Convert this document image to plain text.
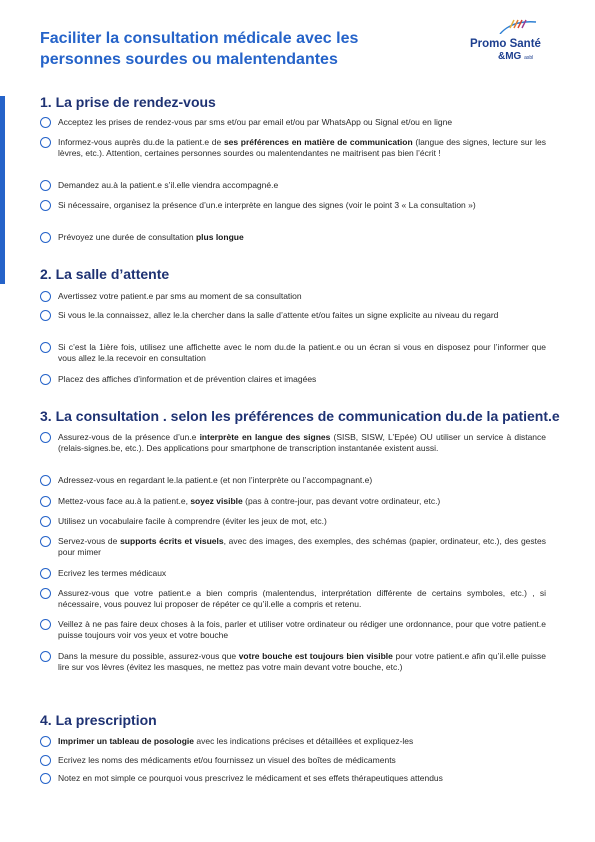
Faciliter la consultation médicale avec les personnes sourdes ou malentendantes
Promo Santé
&MG asbl
1. La prise de rendez-vous
Acceptez les prises de rendez-vous par sms et/ou par email et/ou par WhatsApp ou Signal et/ou en ligne
Informez-vous auprès du.de la patient.e de ses préférences en matière de communication (langue des signes, lecture sur les lèvres, etc.). Attention, certaines personnes sourdes ou malentendantes ne maitrisent pas bien l’écrit !
Demandez au.à la patient.e s’il.elle viendra accompagné.e
Si nécessaire, organisez la présence d’un.e interprète en langue des signes (voir le point 3 « La consultation »)
Prévoyez une durée de consultation plus longue
2. La salle d’attente
Avertissez votre patient.e par sms au moment de sa consultation
Si vous le.la connaissez, allez le.la chercher dans la salle d’attente et/ou faites un signe explicite au niveau du regard
Si c’est la 1ière fois, utilisez une affichette avec le nom du.de la patient.e ou un écran si vous en disposez pour l’informer que vous allez le.la recevoir en consultation
Placez des affiches d’information et de prévention claires et imagées
3. La consultation . selon les préférences de communication du.de la patient.e
Assurez-vous de la présence d’un.e interprète en langue des signes (SISB, SISW, L’Epée) OU utiliser un service à distance (relais-signes.be, etc.). Des applications pour smartphone de transcription instantanée existent aussi.
Adressez-vous en regardant le.la patient.e (et non l’interprète ou l’accompagnant.e)
Mettez-vous face au.à la patient.e, soyez visible (pas à contre-jour, pas devant votre ordinateur, etc.)
Utilisez un vocabulaire facile à comprendre (éviter les jeux de mot, etc.)
Servez-vous de supports écrits et visuels, avec des images, des exemples, des schémas (papier, ordinateur, etc.), des gestes pour mimer
Ecrivez les termes médicaux
Assurez-vous que votre patient.e a bien compris (malentendus, interprétation différente de certains symboles, etc.) , si nécessaire, vous pouvez lui proposer de répéter ce qu’il.elle a compris et retenu.
Veillez à ne pas faire deux choses à la fois, parler et utiliser votre ordinateur ou rédiger une ordonnance, pour que votre patient.e puisse toujours voir vos yeux et votre bouche
Dans la mesure du possible, assurez-vous que votre bouche est toujours bien visible pour votre patient.e afin qu’il.elle puisse lire sur vos lèvres (évitez les masques, ne mettez pas votre main devant votre bouche, etc.)
4. La prescription
Imprimer un tableau de posologie avec les indications précises et détaillées et expliquez-les
Ecrivez les noms des médicaments et/ou fournissez un visuel des boîtes de médicaments
Notez en mot simple ce pourquoi vous prescrivez le médicament et ses effets thérapeutiques attendus
